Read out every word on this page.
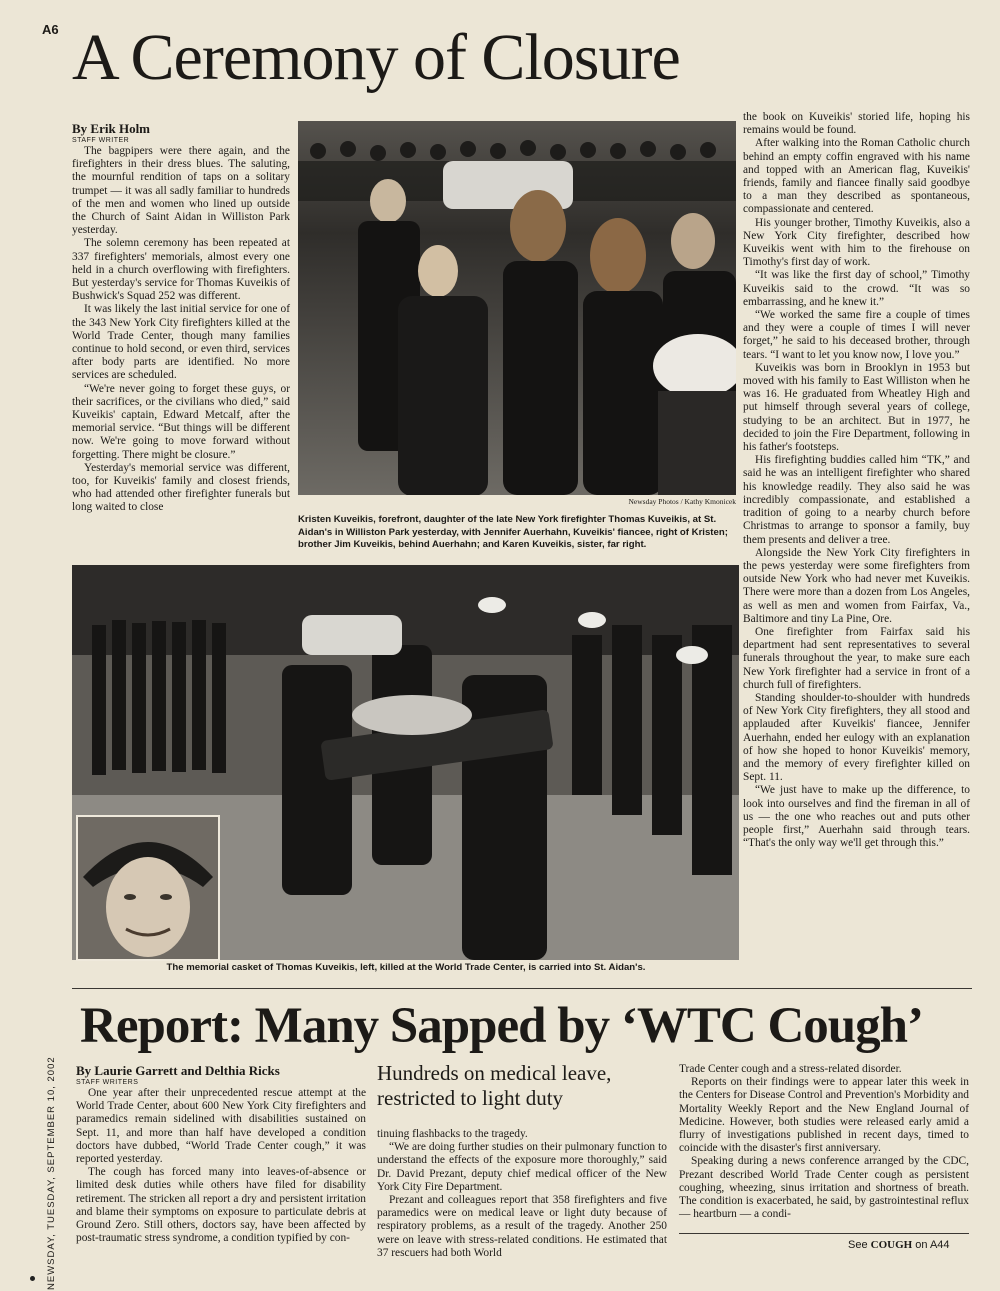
A6 A Ceremony of Closure
By Erik Holm
STAFF WRITER

The bagpipers were there again, and the firefighters in their dress blues. The saluting, the mournful rendition of taps on a solitary trumpet — it was all sadly familiar to hundreds of the men and women who lined up outside the Church of Saint Aidan in Williston Park yesterday.

The solemn ceremony has been repeated at 337 firefighters' memorials, almost every one held in a church overflowing with firefighters. But yesterday's service for Thomas Kuveikis of Bushwick's Squad 252 was different.

It was likely the last initial service for one of the 343 New York City firefighters killed at the World Trade Center, though many families continue to hold second, or even third, services after body parts are identified. No more services are scheduled.

“We're never going to forget these guys, or their sacrifices, or the civilians who died,” said Kuveikis' captain, Edward Metcalf, after the memorial service. “But things will be different now. We're going to move forward without forgetting. There might be closure.”

Yesterday's memorial service was different, too, for Kuveikis' family and closest friends, who had attended other firefighter funerals but long waited to close	Newsday Photos / Kathy Kmonicek
Kristen Kuveikis, forefront, daughter of the late New York firefighter Thomas Kuveikis, at St. Aidan's in Williston Park yesterday, with Jennifer Auerhahn, Kuveikis' fiancee, right of Kristen; brother Jim Kuveikis, behind Auerhahn; and Karen Kuveikis, sister, far right.
The memorial casket of Thomas Kuveikis, left, killed at the World Trade Center, is carried into St. Aidan's.

the book on Kuveikis' storied life, hoping his remains would be found.

After walking into the Roman Catholic church behind an empty coffin engraved with his name and topped with an American flag, Kuveikis' friends, family and fiancee finally said goodbye to a man they described as spontaneous, compassionate and centered.

His younger brother, Timothy Kuveikis, also a New York City firefighter, described how Kuveikis went with him to the firehouse on Timothy's first day of work.

“It was like the first day of school,” Timothy Kuveikis said to the crowd. “It was so embarrassing, and he knew it.”

“We worked the same fire a couple of times and they were a couple of times I will never forget,” he said to his deceased brother, through tears. “I want to let you know now, I love you.”

Kuveikis was born in Brooklyn in 1953 but moved with his family to East Williston when he was 16. He graduated from Wheatley High and put himself through several years of college, studying to be an architect. But in 1977, he decided to join the Fire Department, following in his father's footsteps.

His firefighting buddies called him “TK,” and said he was an intelligent firefighter who shared his knowledge readily. They also said he was incredibly compassionate, and established a tradition of going to a nearby church before Christmas to arrange to sponsor a family, buy them presents and deliver a tree.

Alongside the New York City firefighters in the pews yesterday were some firefighters from outside New York who had never met Kuveikis. There were more than a dozen from Los Angeles, as well as men and women from Fairfax, Va., Baltimore and tiny La Pine, Ore.

One firefighter from Fairfax said his department had sent representatives to several funerals throughout the year, to make sure each New York firefighter had a service in front of a church full of firefighters.

Standing shoulder-to-shoulder with hundreds of New York City firefighters, they all stood and applauded after Kuveikis' fiancee, Jennifer Auerhahn, ended her eulogy with an explanation of how she hoped to honor Kuveikis' memory, and the memory of every firefighter killed on Sept. 11.

“We just have to make up the difference, to look into ourselves and find the fireman in all of us — the one who reaches out and puts other people first,” Auerhahn said through tears. “That's the only way we'll get through this.”

Report: Many Sapped by ‘WTC Cough’
By Laurie Garrett and Delthia Ricks
STAFF WRITERS

One year after their unprecedented rescue attempt at the World Trade Center, about 600 New York City firefighters and paramedics remain sidelined with disabilities sustained on Sept. 11, and more than half have developed a condition doctors have dubbed, “World Trade Center cough,” it was reported yesterday.

The cough has forced many into leaves-of-absence or limited desk duties while others have filed for disability retirement. The stricken all report a dry and persistent irritation and blame their symptoms on exposure to particulate debris at Ground Zero. Still others, doctors say, have been affected by post-traumatic stress syndrome, a condition typified by con-

Hundreds on medical leave, restricted to light duty

tinuing flashbacks to the tragedy.

“We are doing further studies on their pulmonary function to understand the effects of the exposure more thoroughly,” said Dr. David Prezant, deputy chief medical officer of the New York City Fire Department.

Prezant and colleagues report that 358 firefighters and five paramedics were on medical leave or light duty because of respiratory problems, as a result of the tragedy. Another 250 were on leave with stress-related conditions. He estimated that 37 rescuers had both World

Trade Center cough and a stress-related disorder.

Reports on their findings were to appear later this week in the Centers for Disease Control and Prevention's Morbidity and Mortality Weekly Report and the New England Journal of Medicine. However, both studies were released early amid a flurry of investigations published in recent days, timed to coincide with the disaster's first anniversary.

Speaking during a news conference arranged by the CDC, Prezant described World Trade Center cough as persistent coughing, wheezing, sinus irritation and shortness of breath. The condition is exacerbated, he said, by gastrointestinal reflux — heartburn — a condi-

See COUGH on A44
NEWSDAY, TUESDAY, SEPTEMBER 10, 2002
